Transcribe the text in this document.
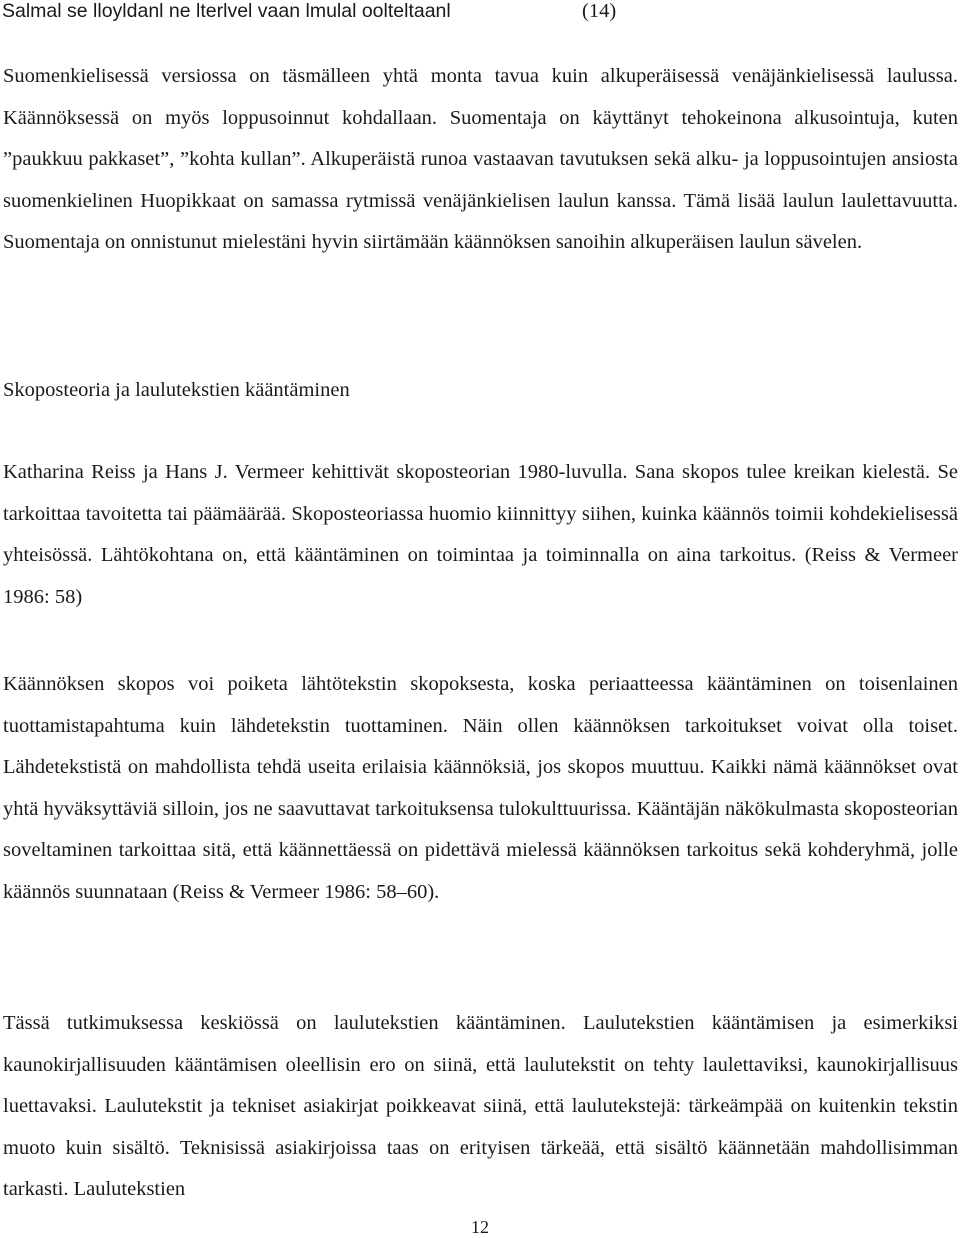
Salmal se lloyldanl ne lterlvel vaan lmulal oolteltaanl	(14)

Suomenkielisessä versiossa on täsmälleen yhtä monta tavua kuin alkuperäisessä venäjänkielisessä laulussa. Käännöksessä on myös loppusoinnut kohdallaan. Suomentaja on käyttänyt tehokeinona alkusointuja, kuten ”paukkuu pakkaset”, ”kohta kullan”. Alkuperäistä runoa vastaavan tavutuksen sekä alku- ja loppusointujen ansiosta suomenkielinen Huopikkaat on samassa rytmissä venäjänkielisen laulun kanssa. Tämä lisää laulun laulettavuutta. Suomentaja on onnistunut mielestäni hyvin siirtämään käännöksen sanoihin alkuperäisen laulun sävelen.

Skoposteoria ja laulutekstien kääntäminen

Katharina Reiss ja Hans J. Vermeer kehittivät skoposteorian 1980-luvulla. Sana skopos tulee kreikan kielestä. Se tarkoittaa tavoitetta tai päämäärää. Skoposteoriassa huomio kiinnittyy siihen, kuinka käännös toimii kohdekielisessä yhteisössä. Lähtökohtana on, että kääntäminen on toimintaa ja toiminnalla on aina tarkoitus. (Reiss & Vermeer 1986: 58)

Käännöksen skopos voi poiketa lähtötekstin skopoksesta, koska periaatteessa kääntäminen on toisenlainen tuottamistapahtuma kuin lähdetekstin tuottaminen. Näin ollen käännöksen tarkoitukset voivat olla toiset. Lähdetekstistä on mahdollista tehdä useita erilaisia käännöksiä, jos skopos muuttuu. Kaikki nämä käännökset ovat yhtä hyväksyttäviä silloin, jos ne saavuttavat tarkoituksensa tulokulttuurissa. Kääntäjän näkökulmasta skoposteorian soveltaminen tarkoittaa sitä, että käännettäessä on pidettävä mielessä käännöksen tarkoitus sekä kohderyhmä, jolle käännös suunnataan (Reiss & Vermeer 1986: 58–60).

Tässä tutkimuksessa keskiössä on laulutekstien kääntäminen. Laulutekstien kääntämisen ja esimerkiksi kaunokirjallisuuden kääntämisen oleellisin ero on siinä, että laulutekstit on tehty laulettaviksi, kaunokirjallisuus luettavaksi. Laulutekstit ja tekniset asiakirjat poikkeavat siinä, että laulutekstejä: tärkeämpää on kuitenkin tekstin muoto kuin sisältö. Teknisissä asiakirjoissa taas on erityisen tärkeää, että sisältö käännetään mahdollisimman tarkasti. Laulutekstien

12
